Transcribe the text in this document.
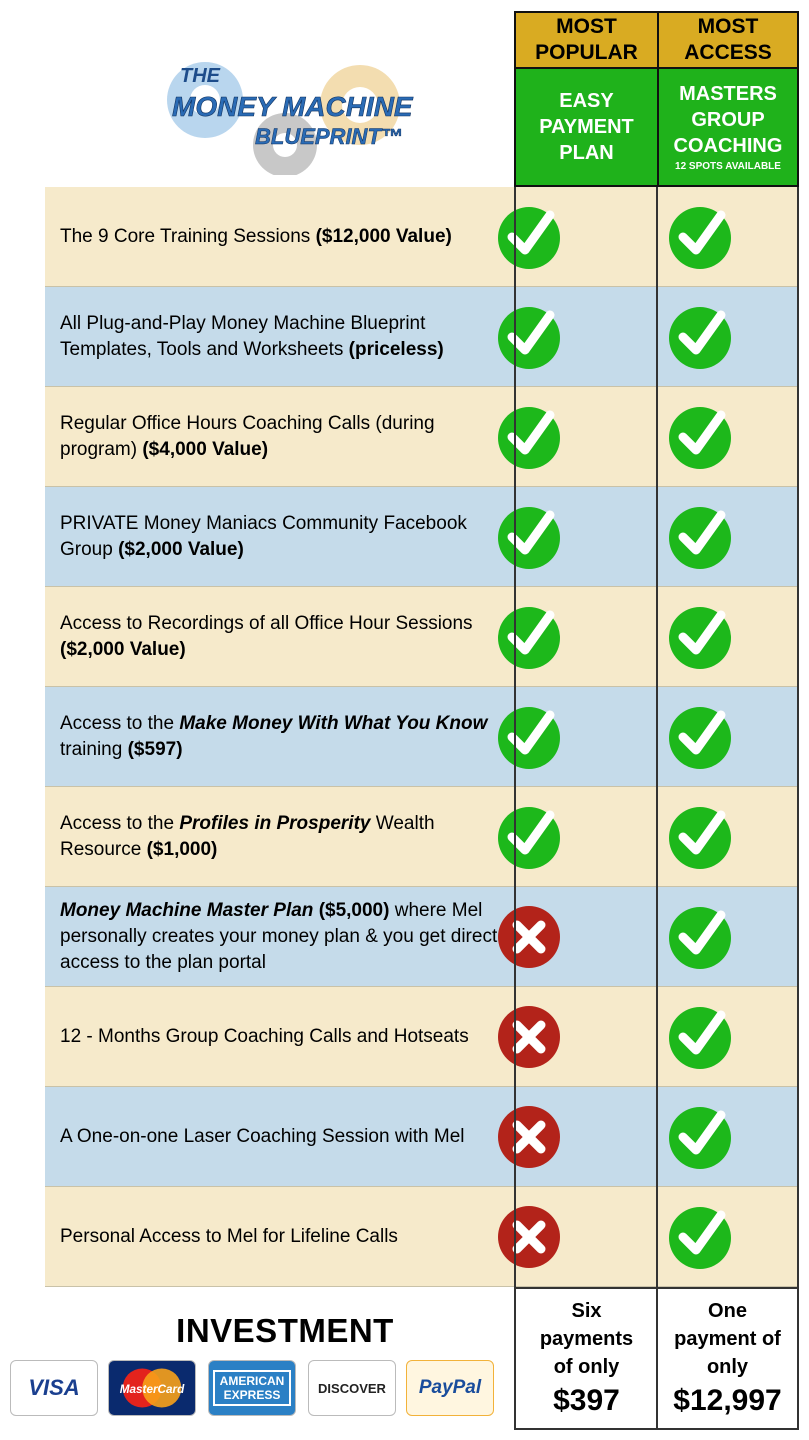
THE
MONEY MACHINE
BLUEPRINT™
MOST
POPULAR
EASY
PAYMENT
PLAN
MOST
ACCESS
MASTERS
GROUP
COACHING
12 SPOTS AVAILABLE
The 9 Core Training Sessions ($12,000 Value)
All Plug-and-Play Money Machine Blueprint Templates, Tools and Worksheets (priceless)
Regular Office Hours Coaching Calls (during program) ($4,000 Value)
PRIVATE Money Maniacs Community Facebook Group ($2,000 Value)
Access to Recordings of all Office Hour Sessions ($2,000 Value)
Access to the Make Money With What You Know training ($597)
Access to the Profiles in Prosperity Wealth Resource ($1,000)
Money Machine Master Plan ($5,000) where Mel personally creates your money plan & you get direct access to the plan portal
12 - Months Group Coaching Calls and Hotseats
A One-on-one Laser Coaching Session with Mel
Personal Access to Mel for Lifeline Calls
INVESTMENT
Six
payments
of only
$397
One
payment of
only
$12,997
VISA	MasterCard
AMERICAN EXPRESS	DISCOVER PayPal
